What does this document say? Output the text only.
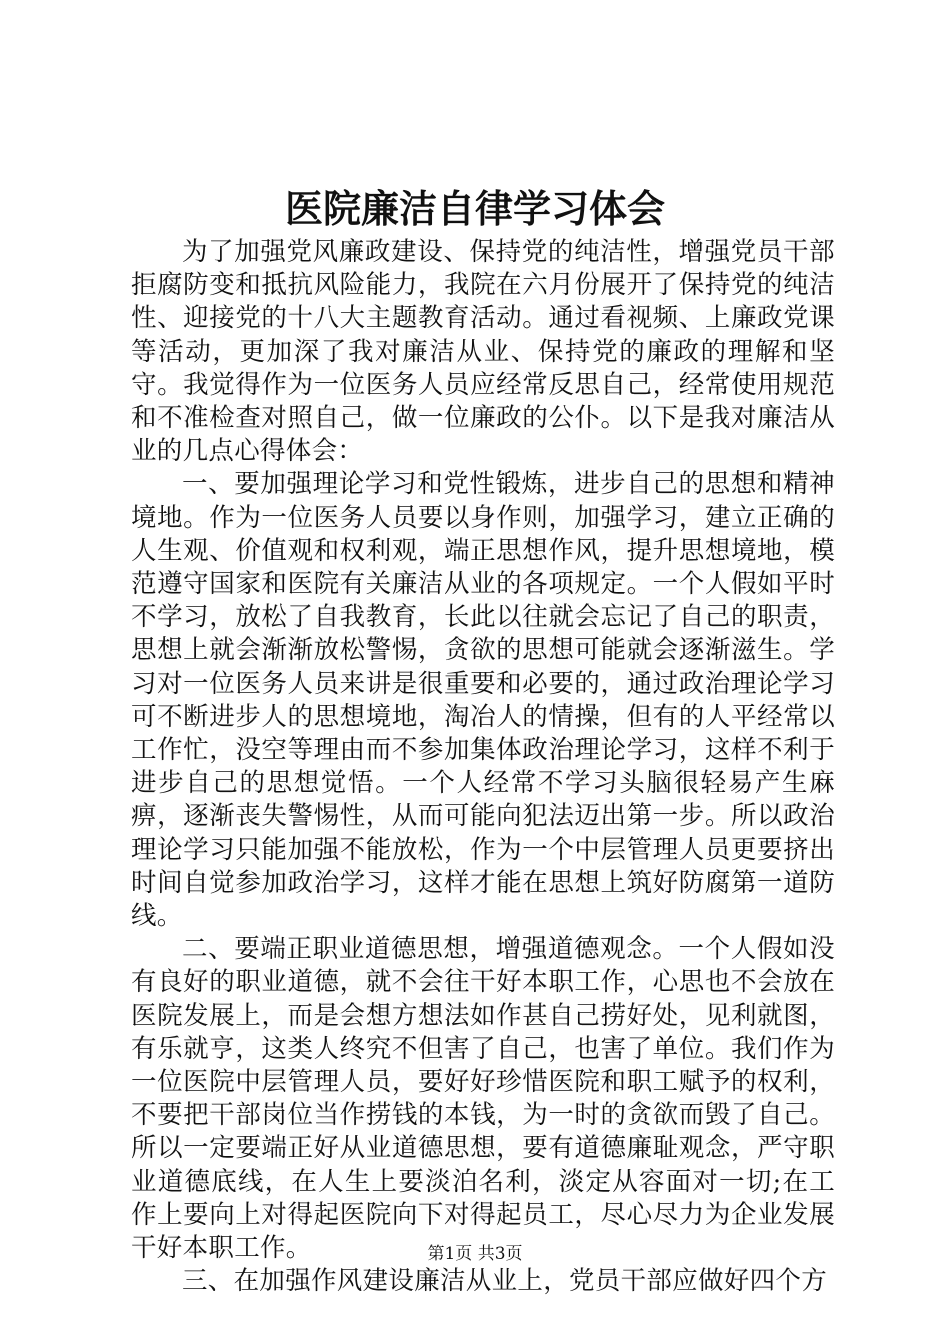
医院廉洁自律学习体会

为了加强党风廉政建设、保持党的纯洁性，增强党员干部拒腐防变和抵抗风险能力，我院在六月份展开了保持党的纯洁性、迎接党的十八大主题教育活动。通过看视频、上廉政党课等活动，更加深了我对廉洁从业、保持党的廉政的理解和坚守。我觉得作为一位医务人员应经常反思自己，经常使用规范和不准检查对照自己，做一位廉政的公仆。以下是我对廉洁从业的几点心得体会：

一、要加强理论学习和党性锻炼，进步自己的思想和精神境地。作为一位医务人员要以身作则，加强学习，建立正确的人生观、价值观和权利观，端正思想作风，提升思想境地，模范遵守国家和医院有关廉洁从业的各项规定。一个人假如平时不学习，放松了自我教育，长此以往就会忘记了自己的职责，思想上就会渐渐放松警惕，贪欲的思想可能就会逐渐滋生。学习对一位医务人员来讲是很重要和必要的，通过政治理论学习可不断进步人的思想境地，淘冶人的情操，但有的人平经常以工作忙，没空等理由而不参加集体政治理论学习，这样不利于进步自己的思想觉悟。一个人经常不学习头脑很轻易产生麻痹，逐渐丧失警惕性，从而可能向犯法迈出第一步。所以政治理论学习只能加强不能放松，作为一个中层管理人员更要挤出时间自觉参加政治学习，这样才能在思想上筑好防腐第一道防线。

二、要端正职业道德思想，增强道德观念。一个人假如没有良好的职业道德，就不会往干好本职工作，心思也不会放在医院发展上，而是会想方想法如作甚自己捞好处，见利就图，有乐就亨，这类人终究不但害了自己，也害了单位。我们作为一位医院中层管理人员，要好好珍惜医院和职工赋予的权利，不要把干部岗位当作捞钱的本钱，为一时的贪欲而毁了自己。所以一定要端正好从业道德思想，要有道德廉耻观念，严守职业道德底线，在人生上要淡泊名利，淡定从容面对一切;在工作上要向上对得起医院向下对得起员工，尽心尽力为企业发展干好本职工作。

三、在加强作风建设廉洁从业上，党员干部应做好四个方

第1页 共3页
